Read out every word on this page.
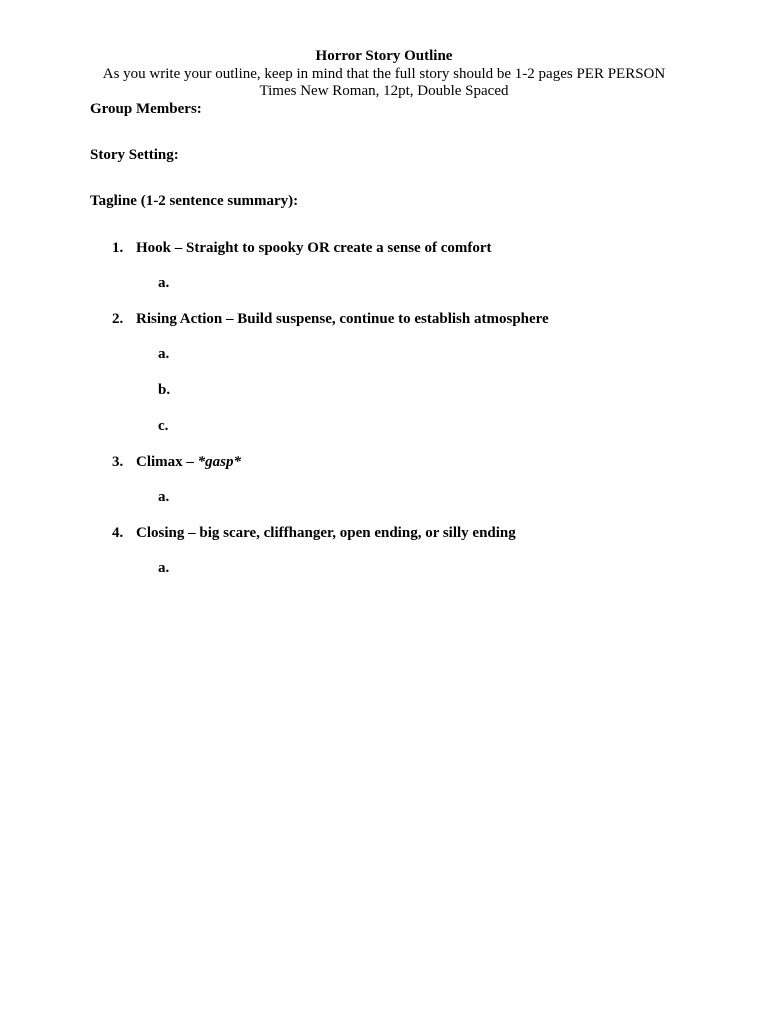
Horror Story Outline
As you write your outline, keep in mind that the full story should be 1-2 pages PER PERSON
Times New Roman, 12pt, Double Spaced
Group Members:
Story Setting:
Tagline (1-2 sentence summary):
1. Hook – Straight to spooky OR create a sense of comfort
a.
2. Rising Action – Build suspense, continue to establish atmosphere
a.
b.
c.
3. Climax – *gasp*
a.
4. Closing – big scare, cliffhanger, open ending, or silly ending
a.
